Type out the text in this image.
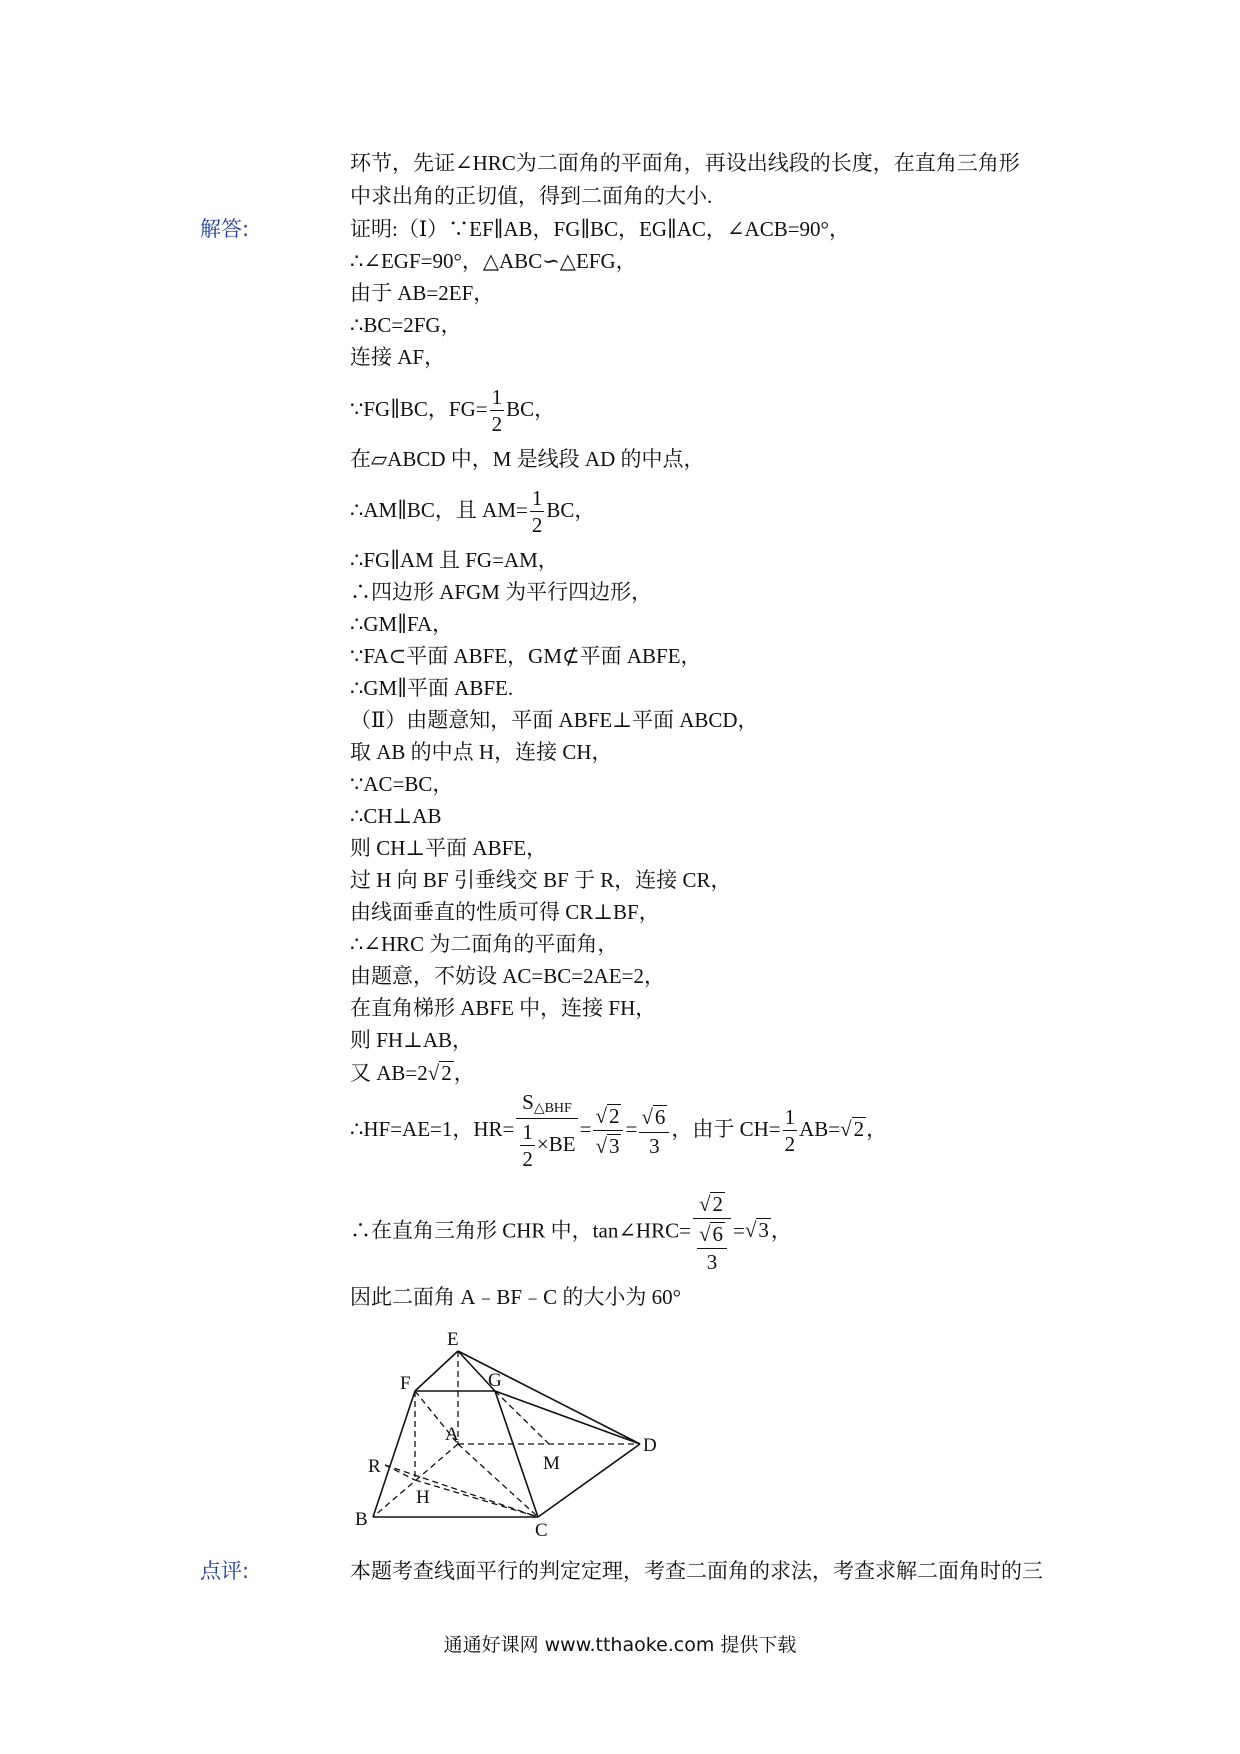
环节，先证∠HRC为二面角的平面角，再设出线段的长度，在直角三角形
中求出角的正切值，得到二面角的大小.
解答:	证明:（Ⅰ）∵EF∥AB，FG∥BC，EG∥AC，∠ACB=90°，
∴∠EGF=90°，△ABC∽△EFG，
由于 AB=2EF，
∴BC=2FG，
连接 AF，
∵FG∥BC，$FG= \frac{1}{2}$ BC，
在▱ABCD 中，M 是线段 AD 的中点，
∴AM∥BC，且 $AM= \frac{1}{2}$ BC，
∴FG∥AM 且 FG=AM，
∴四边形 AFGM 为平行四边形，
∴GM∥FA，
∵FA⊂平面 ABFE，GM⊄平面 ABFE，
∴GM∥平面 ABFE.
（Ⅱ）由题意知，平面 ABFE⊥平面 ABCD，
取 AB 的中点 H，连接 CH，
∵AC=BC，
∴CH⊥AB
则 CH⊥平面 ABFE，
过 H 向 BF 引垂线交 BF 于 R，连接 CR，
由线面垂直的性质可得 CR⊥BF，
∴∠HRC 为二面角的平面角，
由题意，不妨设 AC=BC=2AE=2，
在直角梯形 ABFE 中，连接 FH，
则 FH⊥AB，
又 AB=2√2，
∴HF=AE=1，$HR= \frac{S_{\triangle BHF}}{\frac{1}{2} \times BE} = \frac{√2}{√3} = \frac{√6}{3}$ ，由于 $CH= \frac{1}{2} AB=√2$，
∴在直角三角形 CHR 中，tan∠HRC= $\frac{√2}{\frac{√6}{3}} =√3$，
因此二面角 A﹣BF﹣C 的大小为 60°
E
F	G
A
M
D
R
H
B
C
点评:	本题考查线面平行的判定定理，考查二面角的求法，考查求解二面角时的三
通通好课网 www.tthaoke.com 提供下载
